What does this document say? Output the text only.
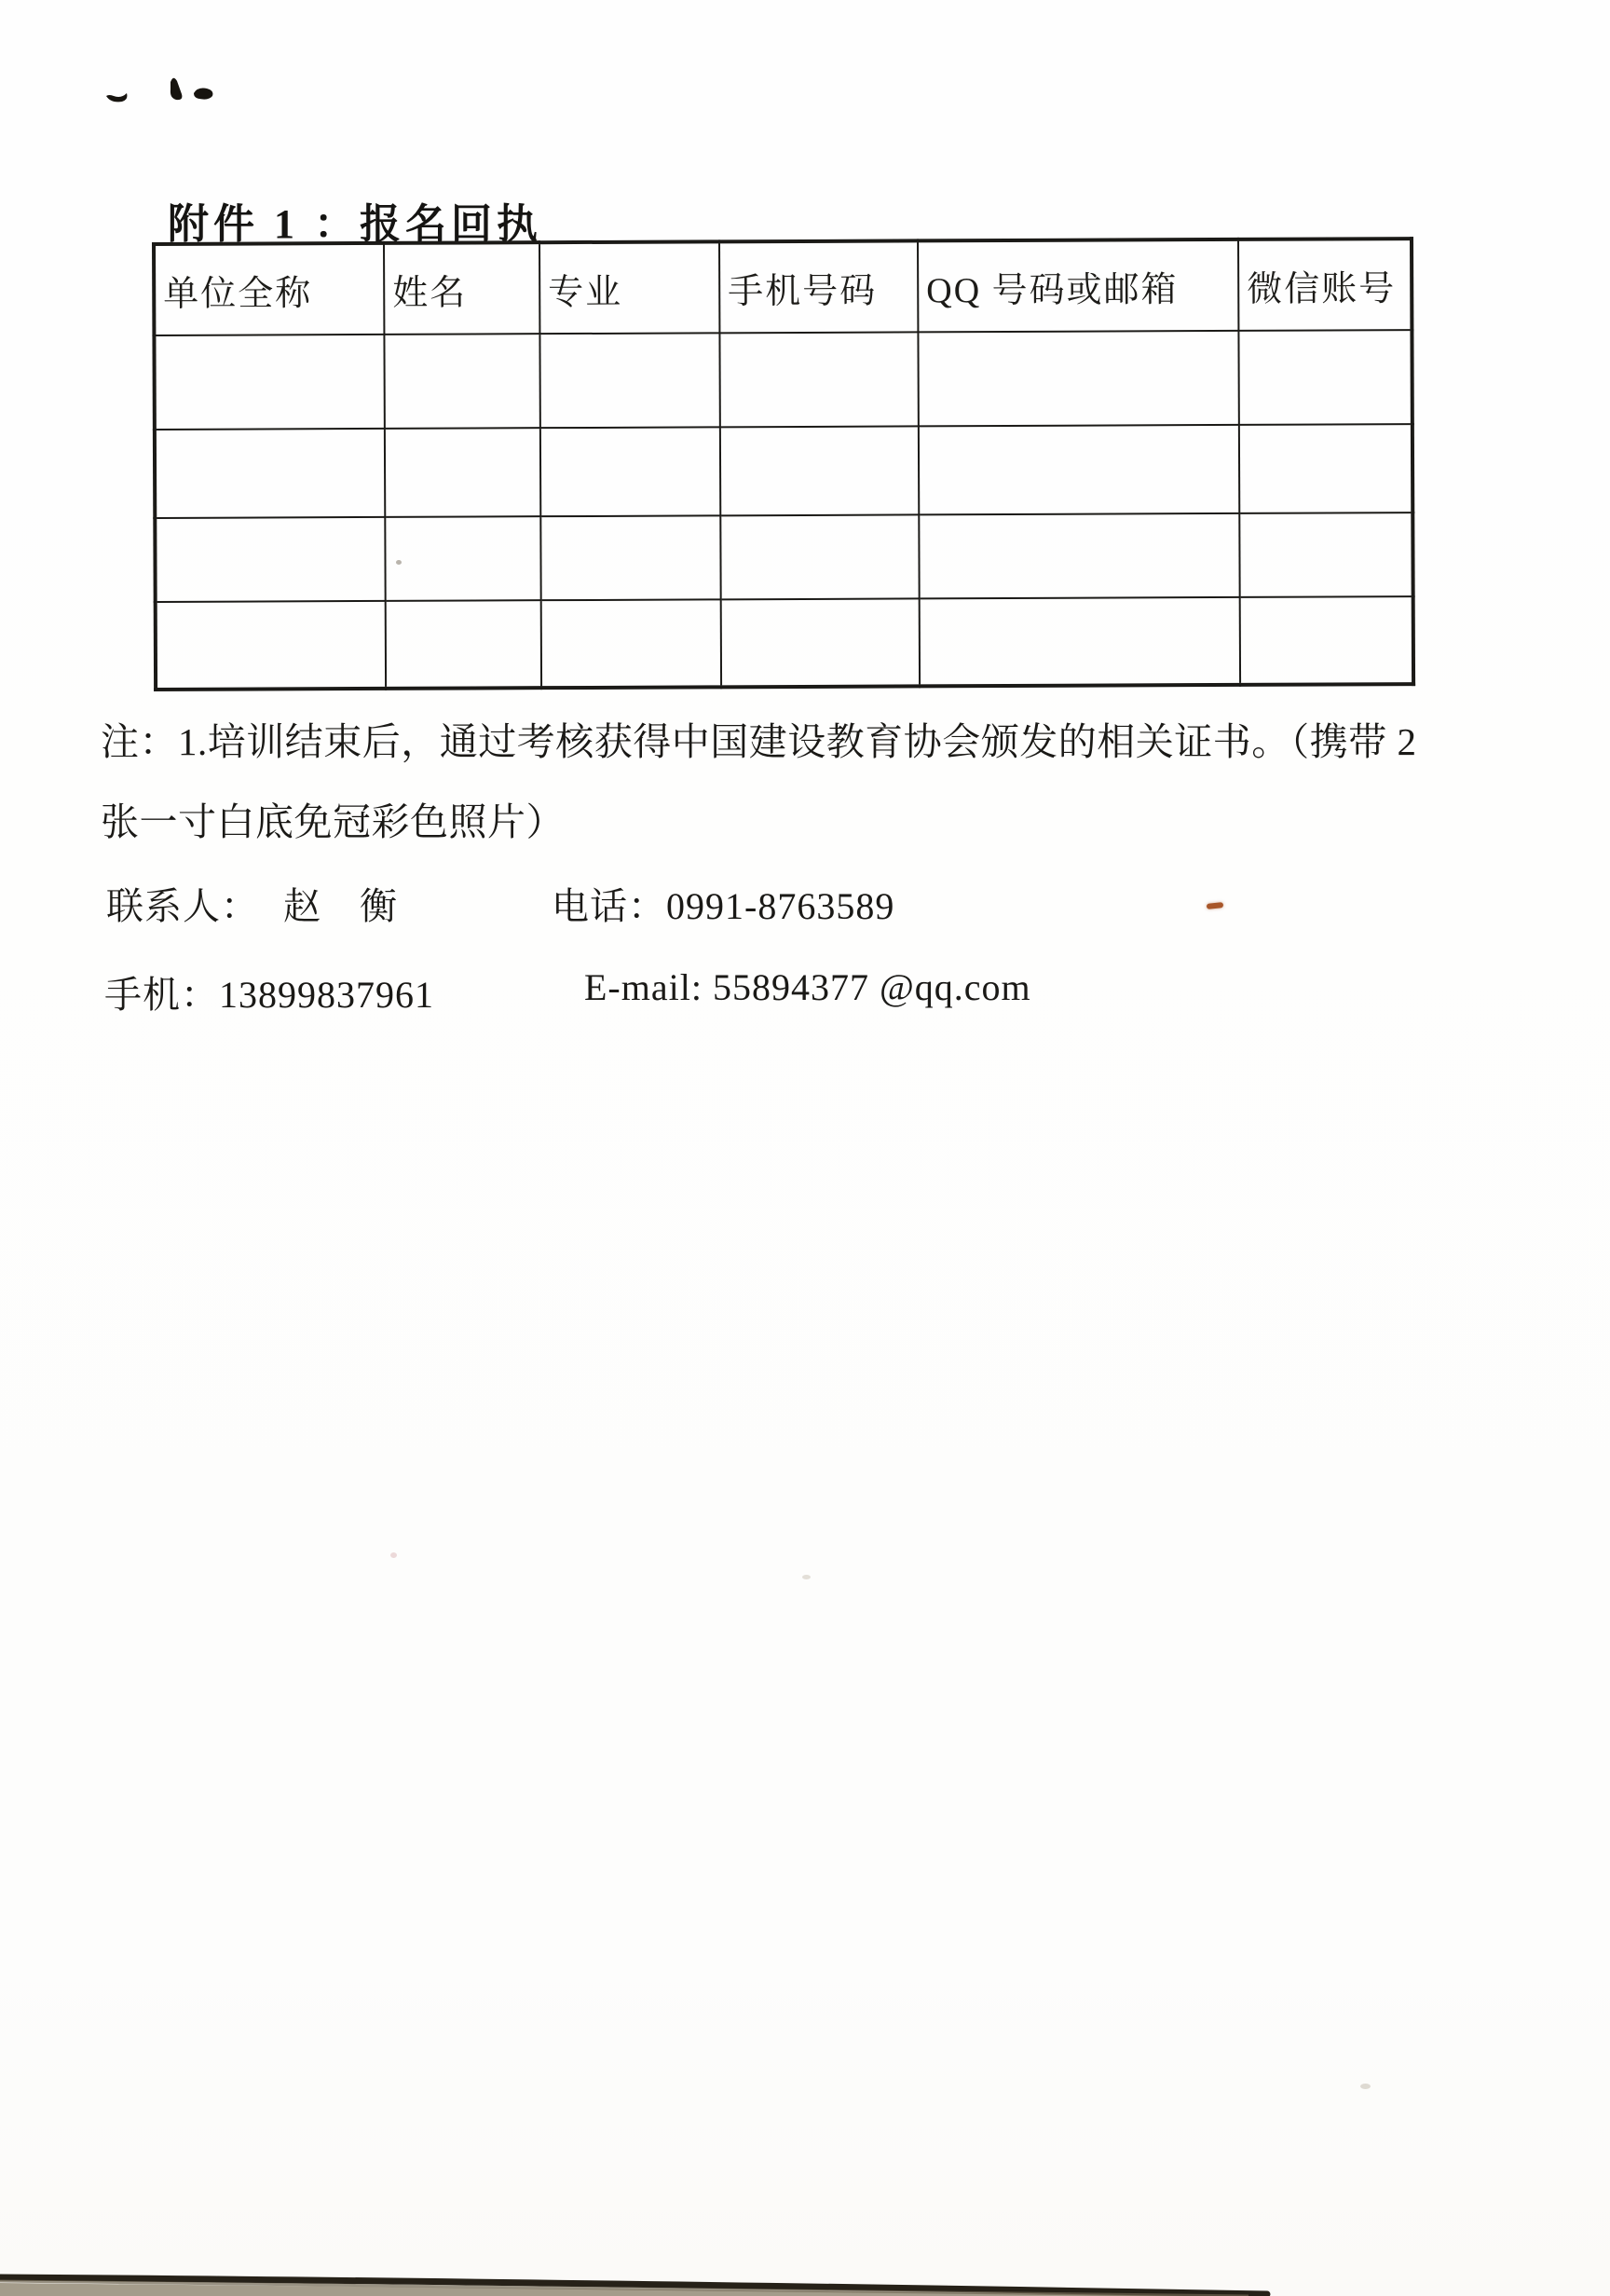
附件 1 ：报名回执
单位全称	姓名	专业	手机号码	QQ 号码或邮箱	微信账号

注：1.培训结束后，通过考核获得中国建设教育协会颁发的相关证书。（携带 2
张一寸白底免冠彩色照片）
联系人： 赵　衡	电话：0991-8763589
手机：13899837961	E-mail: 55894377 @qq.com
